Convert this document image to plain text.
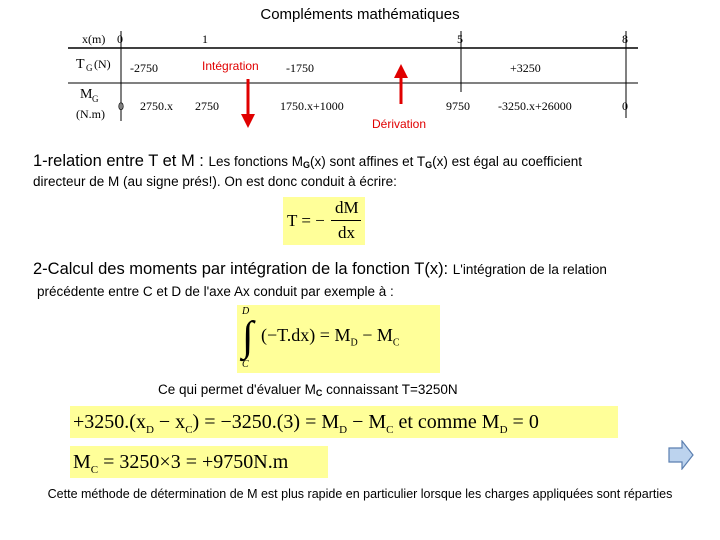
Compléments mathématiques
x(m) 0	1	5	8
T G (N) -2750	-1750	+3250
M G
(N.m)
0 2750.x 2750	1750.x+1000	9750 -3250.x+26000	0
Intégration
Dérivation
1-relation entre T et M : Les fonctions $M_G(x)$ sont affines et $T_G(x)$ est égal au coefficient
directeur de M (au signe prés!). On est donc conduit à écrire:
T = −
dM
dx
2-Calcul des moments par intégration de la fonction T(x): L'intégration de la relation
précédente entre C et D de l'axe Ax conduit par exemple à :
D
∫
C
$(-T.dx) = M_D - M_C$
Ce qui permet d'évaluer $M_C$ connaissant T=3250N
$+3250.(x_D - x_C) = -3250.(3) = M_D - M_C$ et comme $M_D = 0$
$M_C = 3250\times 3 = +9750N.m$
Cette méthode de détermination de M est plus rapide en particulier lorsque les charges appliquées sont réparties
